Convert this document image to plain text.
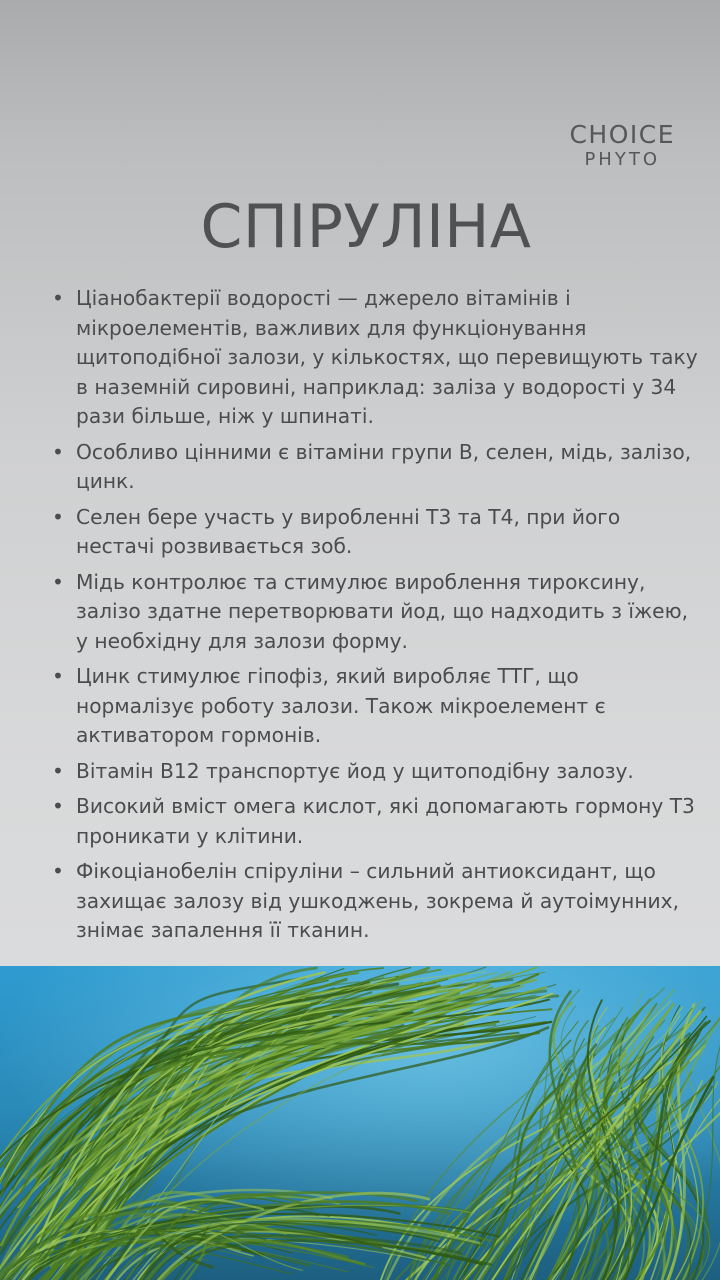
CHOICE
PHYTO
СПІРУЛІНА
• Ціанобактерії водорості — джерело вітамінів і мікроелементів, важливих для функціонування щитоподібної залози, у кількостях, що перевищують таку в наземній сировині, наприклад: заліза у водорості у 34 рази більше, ніж у шпинаті.
• Особливо цінними є вітаміни групи В, селен, мідь, залізо, цинк.
• Селен бере участь у виробленні Т3 та Т4, при його нестачі розвивається зоб.
• Мідь контролює та стимулює вироблення тироксину, залізо здатне перетворювати йод, що надходить з їжею, у необхідну для залози форму.
• Цинк стимулює гіпофіз, який виробляє ТТГ, що нормалізує роботу залози. Також мікроелемент є активатором гормонів.
• Вітамін В12 транспортує йод у щитоподібну залозу.
• Високий вміст омега кислот, які допомагають гормону Т3 проникати у клітини.
• Фікоціанобелін спіруліни – сильний антиоксидант, що захищає залозу від ушкоджень, зокрема й аутоімунних, знімає запалення її тканин.
